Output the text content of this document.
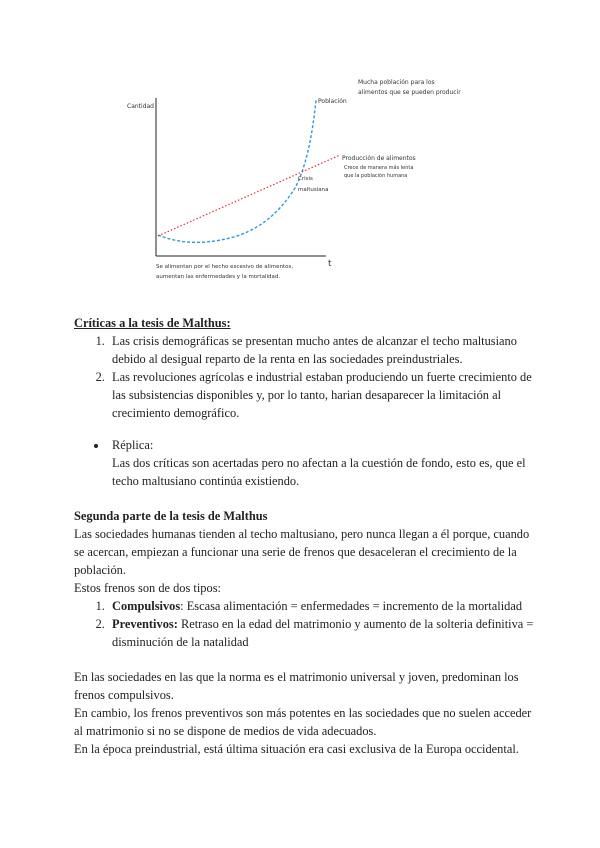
Cantidad
t
Población
Producción de alimentos
Crece de manera más lenta
que la población humana
Crisis
maltusiana
Mucha población para los
alimentos que se pueden producir
Se alimentan por el hecho excesivo de alimentos,
aumentan las enfermedades y la mortalidad.

Críticas a la tesis de Malthus:

1. Las crisis demográficas se presentan mucho antes de alcanzar el techo maltusiano debido al desigual reparto de la renta en las sociedades preindustriales.
2. Las revoluciones agrícolas e industrial estaban produciendo un fuerte crecimiento de las subsistencias disponibles y, por lo tanto, harian desaparecer la limitación al crecimiento demográfico.
• Réplica:
Las dos críticas son acertadas pero no afectan a la cuestión de fondo, esto es, que el techo maltusiano continúa existiendo.

Segunda parte de la tesis de Malthus

Las sociedades humanas tienden al techo maltusiano, pero nunca llegan a él porque, cuando se acercan, empiezan a funcionar una serie de frenos que desaceleran el crecimiento de la población.

Estos frenos son de dos tipos:

1. Compulsivos: Escasa alimentación = enfermedades = incremento de la mortalidad
2. Preventivos: Retraso en la edad del matrimonio y aumento de la solteria definitiva = disminución de la natalidad

En las sociedades en las que la norma es el matrimonio universal y joven, predominan los frenos compulsivos.

En cambio, los frenos preventivos son más potentes en las sociedades que no suelen acceder al matrimonio si no se dispone de medios de vida adecuados.

En la época preindustrial, está última situación era casi exclusiva de la Europa occidental.
